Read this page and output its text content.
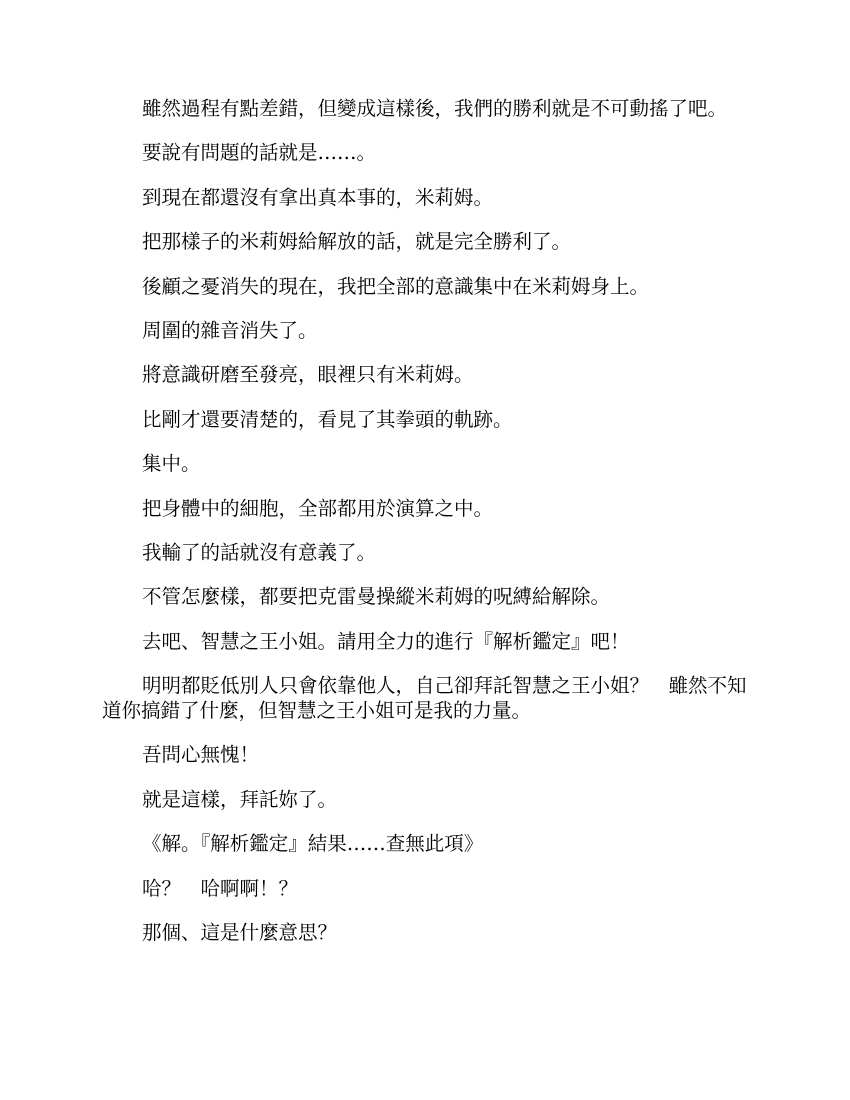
雖然過程有點差錯，但變成這樣後，我們的勝利就是不可動搖了吧。

要說有問題的話就是……。

到現在都還沒有拿出真本事的，米莉姆。

把那樣子的米莉姆給解放的話，就是完全勝利了。

後顧之憂消失的現在，我把全部的意識集中在米莉姆身上。

周圍的雜音消失了。

將意識研磨至發亮，眼裡只有米莉姆。

比剛才還要清楚的，看見了其拳頭的軌跡。

集中。

把身體中的細胞，全部都用於演算之中。

我輸了的話就沒有意義了。

不管怎麼樣，都要把克雷曼操縱米莉姆的呪縛給解除。

去吧、智慧之王小姐。請用全力的進行『解析鑑定』吧！

明明都貶低別人只會依靠他人，自己卻拜託智慧之王小姐？　雖然不知道你搞錯了什麼，但智慧之王小姐可是我的力量。

吾問心無愧！

就是這樣，拜託妳了。

《解。『解析鑑定』結果……查無此項》

哈？　哈啊啊！？

那個、這是什麼意思？
